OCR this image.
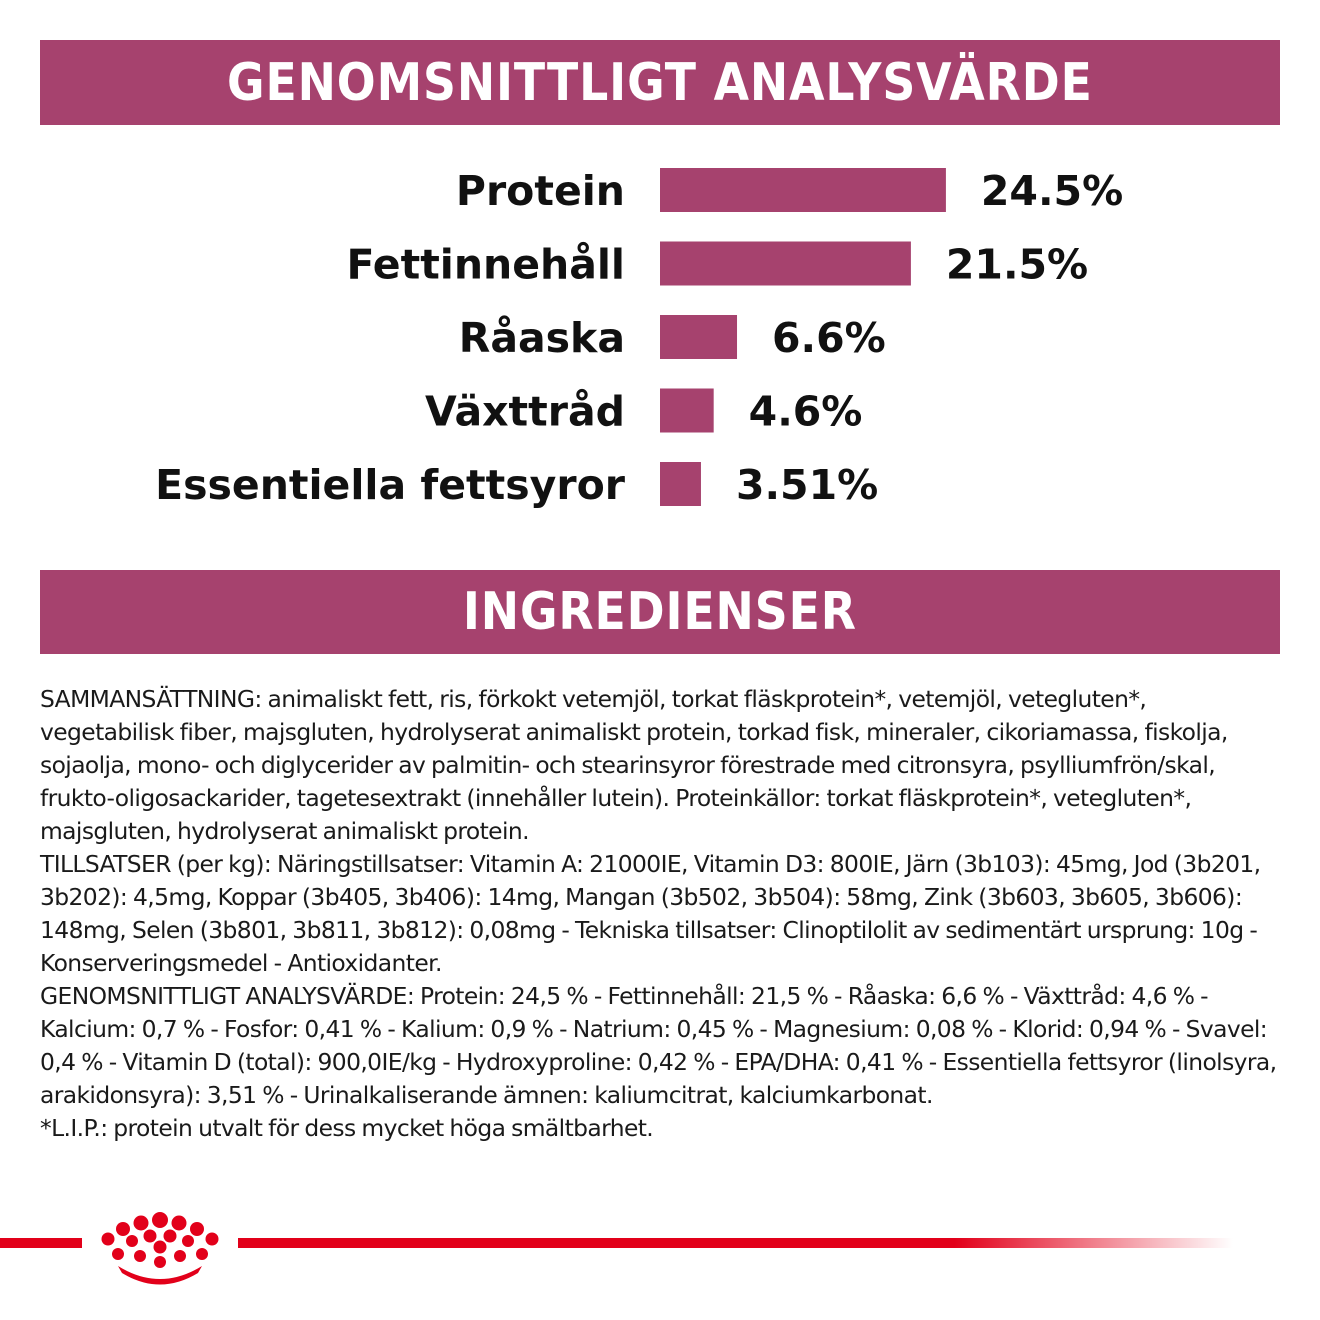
GENOMSNITTLIGT ANALYSVÄRDE
Protein	24.5%
Fettinnehåll	21.5%
Råaska	6.6%
Växttråd	4.6%
Essentiella fettsyror	3.51%
INGREDIENSER

SAMMANSÄTTNING: animaliskt fett, ris, förkokt vetemjöl, torkat fläskprotein*, vetemjöl, vetegluten*, vegetabilisk fiber, majsgluten, hydrolyserat animaliskt protein, torkad fisk, mineraler, cikoriamassa, fiskolja, sojaolja, mono- och diglycerider av palmitin- och stearinsyror förestrade med citronsyra, psylliumfrön/skal, frukto-oligosackarider, tagetesextrakt (innehåller lutein). Proteinkällor: torkat fläskprotein*, vetegluten*, majsgluten, hydrolyserat animaliskt protein.

TILLSATSER (per kg): Näringstillsatser: Vitamin A: 21000IE, Vitamin D3: 800IE, Järn (3b103): 45mg, Jod (3b201, 3b202): 4,5mg, Koppar (3b405, 3b406): 14mg, Mangan (3b502, 3b504): 58mg, Zink (3b603, 3b605, 3b606): 148mg, Selen (3b801, 3b811, 3b812): 0,08mg - Tekniska tillsatser: Clinoptilolit av sedimentärt ursprung: 10g - Konserveringsmedel - Antioxidanter.

GENOMSNITTLIGT ANALYSVÄRDE: Protein: 24,5 % - Fettinnehåll: 21,5 % - Råaska: 6,6 % - Växttråd: 4,6 % - Kalcium: 0,7 % - Fosfor: 0,41 % - Kalium: 0,9 % - Natrium: 0,45 % - Magnesium: 0,08 % - Klorid: 0,94 % - Svavel: 0,4 % - Vitamin D (total): 900,0IE/kg - Hydroxyproline: 0,42 % - EPA/DHA: 0,41 % - Essentiella fettsyror (linolsyra, arakidonsyra): 3,51 % - Urinalkaliserande ämnen: kaliumcitrat, kalciumkarbonat.

*L.I.P.: protein utvalt för dess mycket höga smältbarhet.
